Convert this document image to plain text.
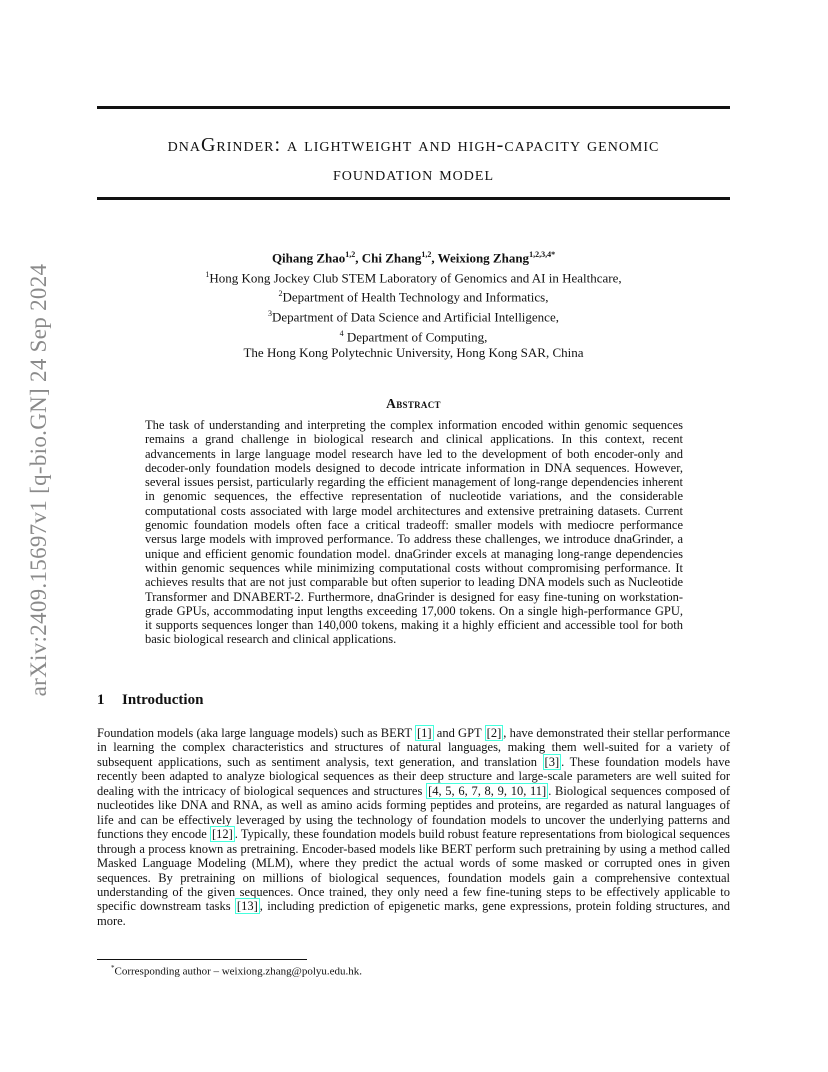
arXiv:2409.15697v1 [q-bio.GN] 24 Sep 2024
dnaGrinder: a lightweight and high-capacity genomic
foundation model
Qihang Zhao$^{1,2}$, Chi Zhang$^{1,2}$, Weixiong Zhang$^{1,2,3,4*}$
$^1$Hong Kong Jockey Club STEM Laboratory of Genomics and AI in Healthcare,
$^2$Department of Health Technology and Informatics,
$^3$Department of Data Science and Artificial Intelligence,
$^4$ Department of Computing,
The Hong Kong Polytechnic University, Hong Kong SAR, China
Abstract
The task of understanding and interpreting the complex information encoded within genomic sequences remains a grand challenge in biological research and clinical applications. In this context, recent advancements in large language model research have led to the development of both encoder-only and decoder-only foundation models designed to decode intricate information in DNA sequences. However, several issues persist, particularly regarding the efficient management of long-range dependencies inherent in genomic sequences, the effective representation of nucleotide variations, and the considerable computational costs associated with large model architectures and extensive pretraining datasets. Current genomic foundation models often face a critical tradeoff: smaller models with mediocre performance versus large models with improved performance. To address these challenges, we introduce dnaGrinder, a unique and efficient genomic foundation model. dnaGrinder excels at managing long-range dependencies within genomic sequences while minimizing computational costs without compromising performance. It achieves results that are not just comparable but often superior to leading DNA models such as Nucleotide Transformer and DNABERT-2. Furthermore, dnaGrinder is designed for easy fine-tuning on workstation-grade GPUs, accommodating input lengths exceeding 17,000 tokens. On a single high-performance GPU, it supports sequences longer than 140,000 tokens, making it a highly efficient and accessible tool for both basic biological research and clinical applications.
1 Introduction
Foundation models (aka large language models) such as BERT [1] and GPT [2] , have demonstrated their stellar performance in learning the complex characteristics and structures of natural languages, making them well-suited for a variety of subsequent applications, such as sentiment analysis, text generation, and translation [3] . These foundation models have recently been adapted to analyze biological sequences as their deep structure and large-scale parameters are well suited for dealing with the intricacy of biological sequences and structures [4, 5, 6, 7, 8, 9, 10, 11] . Biological sequences composed of nucleotides like DNA and RNA, as well as amino acids forming peptides and proteins, are regarded as natural languages of life and can be effectively leveraged by using the technology of foundation models to uncover the underlying patterns and functions they encode [12] . Typically, these foundation models build robust feature representations from biological sequences through a process known as pretraining. Encoder-based models like BERT perform such pretraining by using a method called Masked Language Modeling (MLM), where they predict the actual words of some masked or corrupted ones in given sequences. By pretraining on millions of biological sequences, foundation models gain a comprehensive contextual understanding of the given sequences. Once trained, they only need a few fine-tuning steps to be effectively applicable to specific downstream tasks [13] , including prediction of epigenetic marks, gene expressions, protein folding structures, and more.
*Corresponding author – weixiong.zhang@polyu.edu.hk.
